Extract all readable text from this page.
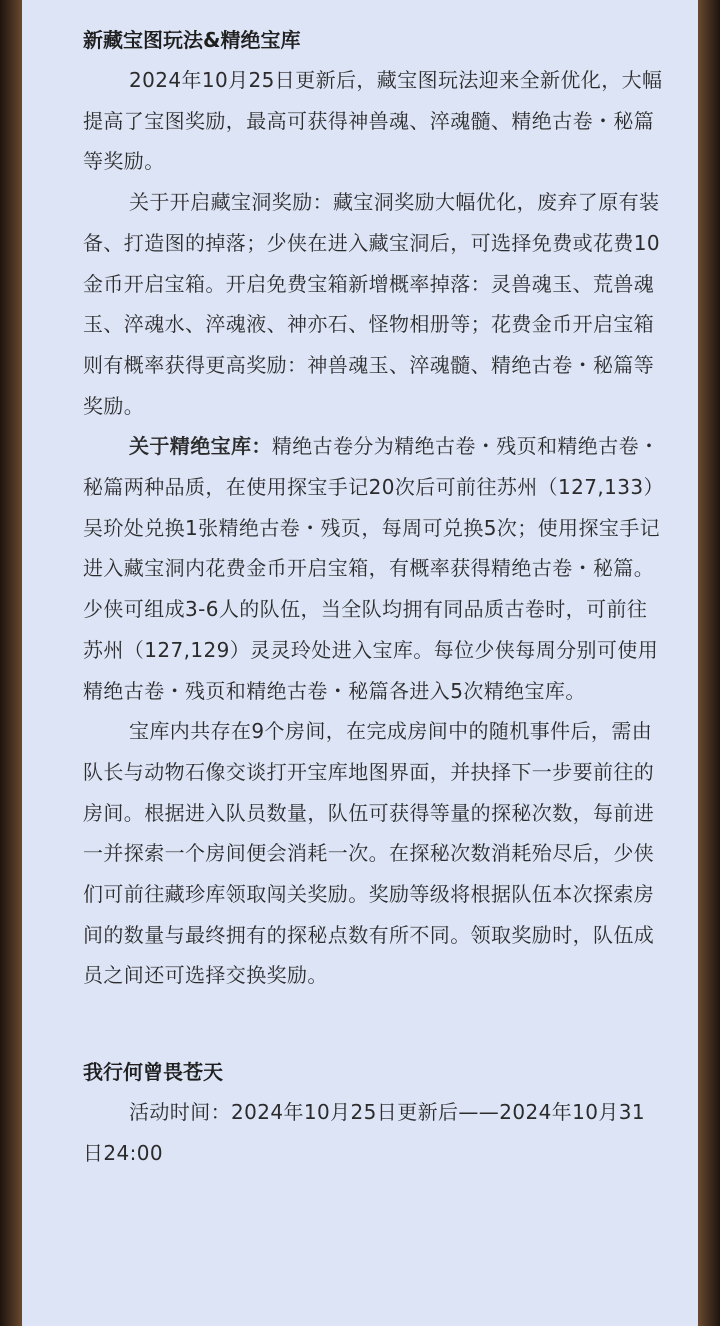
新藏宝图玩法&精绝宝库

2024年10月25日更新后，藏宝图玩法迎来全新优化，大幅提高了宝图奖励，最高可获得神兽魂、淬魂髓、精绝古卷・秘篇等奖励。

关于开启藏宝洞奖励：藏宝洞奖励大幅优化，废弃了原有装备、打造图的掉落；少侠在进入藏宝洞后，可选择免费或花费10金币开启宝箱。开启免费宝箱新增概率掉落：灵兽魂玉、荒兽魂玉、淬魂水、淬魂液、神亦石、怪物相册等；花费金币开启宝箱则有概率获得更高奖励：神兽魂玉、淬魂髓、精绝古卷・秘篇等奖励。

关于精绝宝库：精绝古卷分为精绝古卷・残页和精绝古卷・秘篇两种品质，在使用探宝手记20次后可前往苏州（127,133）吴玠处兑换1张精绝古卷・残页，每周可兑换5次；使用探宝手记进入藏宝洞内花费金币开启宝箱，有概率获得精绝古卷・秘篇。少侠可组成3-6人的队伍，当全队均拥有同品质古卷时，可前往苏州（127,129）灵灵玲处进入宝库。每位少侠每周分别可使用精绝古卷・残页和精绝古卷・秘篇各进入5次精绝宝库。

宝库内共存在9个房间，在完成房间中的随机事件后，需由队长与动物石像交谈打开宝库地图界面，并抉择下一步要前往的房间。根据进入队员数量，队伍可获得等量的探秘次数，每前进一并探索一个房间便会消耗一次。在探秘次数消耗殆尽后，少侠们可前往藏珍库领取闯关奖励。奖励等级将根据队伍本次探索房间的数量与最终拥有的探秘点数有所不同。领取奖励时，队伍成员之间还可选择交换奖励。

我行何曾畏苍天

活动时间：2024年10月25日更新后——2024年10月31日24:00
